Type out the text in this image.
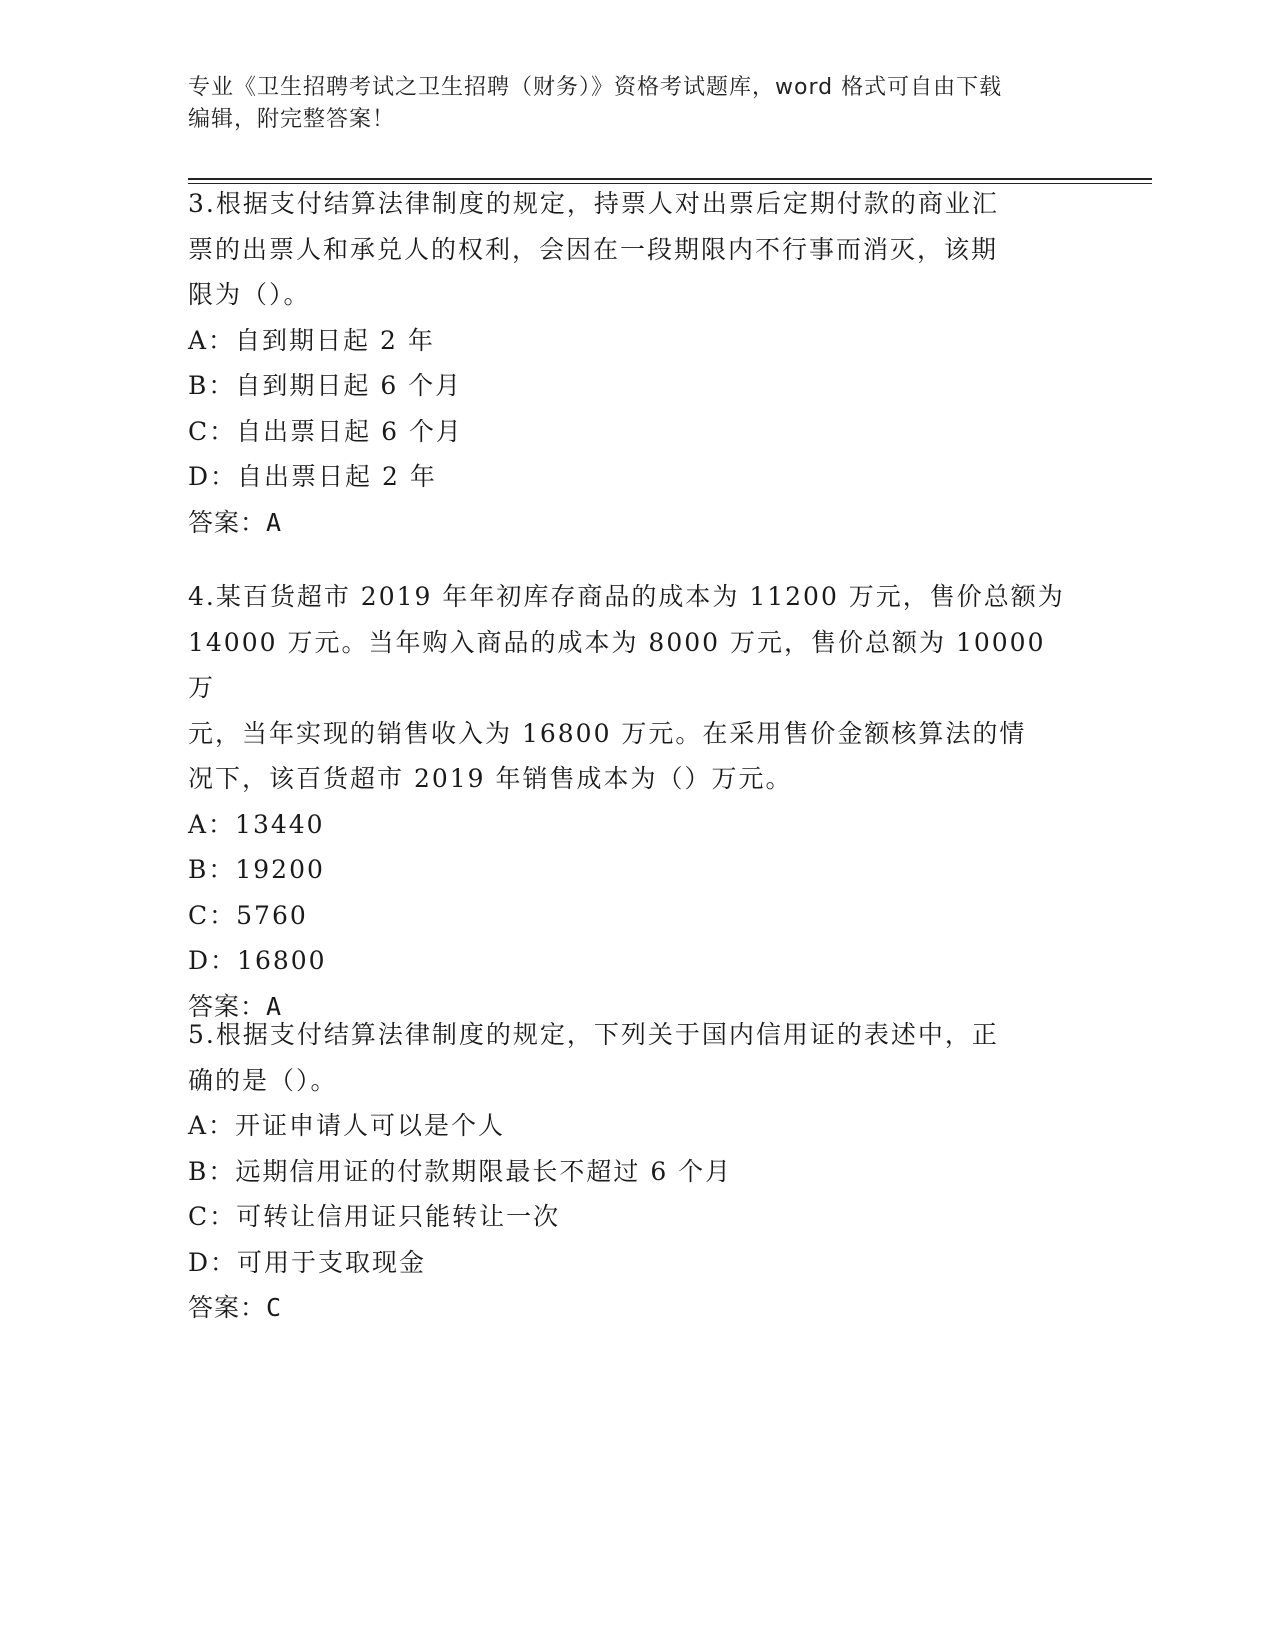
专业《卫生招聘考试之卫生招聘（财务）》资格考试题库，word 格式可自由下载
编辑，附完整答案！
3.根据支付结算法律制度的规定，持票人对出票后定期付款的商业汇
票的出票人和承兑人的权利，会因在一段期限内不行事而消灭，该期
限为（）。
A：自到期日起 2 年
B：自到期日起 6 个月
C：自出票日起 6 个月
D：自出票日起 2 年
答案：A
4.某百货超市 2019 年年初库存商品的成本为 11200 万元，售价总额为
14000 万元。当年购入商品的成本为 8000 万元，售价总额为 10000 万
元，当年实现的销售收入为 16800 万元。在采用售价金额核算法的情
况下，该百货超市 2019 年销售成本为（）万元。
A：13440
B：19200
C：5760
D：16800
答案：A
5.根据支付结算法律制度的规定，下列关于国内信用证的表述中，正
确的是（）。
A：开证申请人可以是个人
B：远期信用证的付款期限最长不超过 6 个月
C：可转让信用证只能转让一次
D：可用于支取现金
答案：C
